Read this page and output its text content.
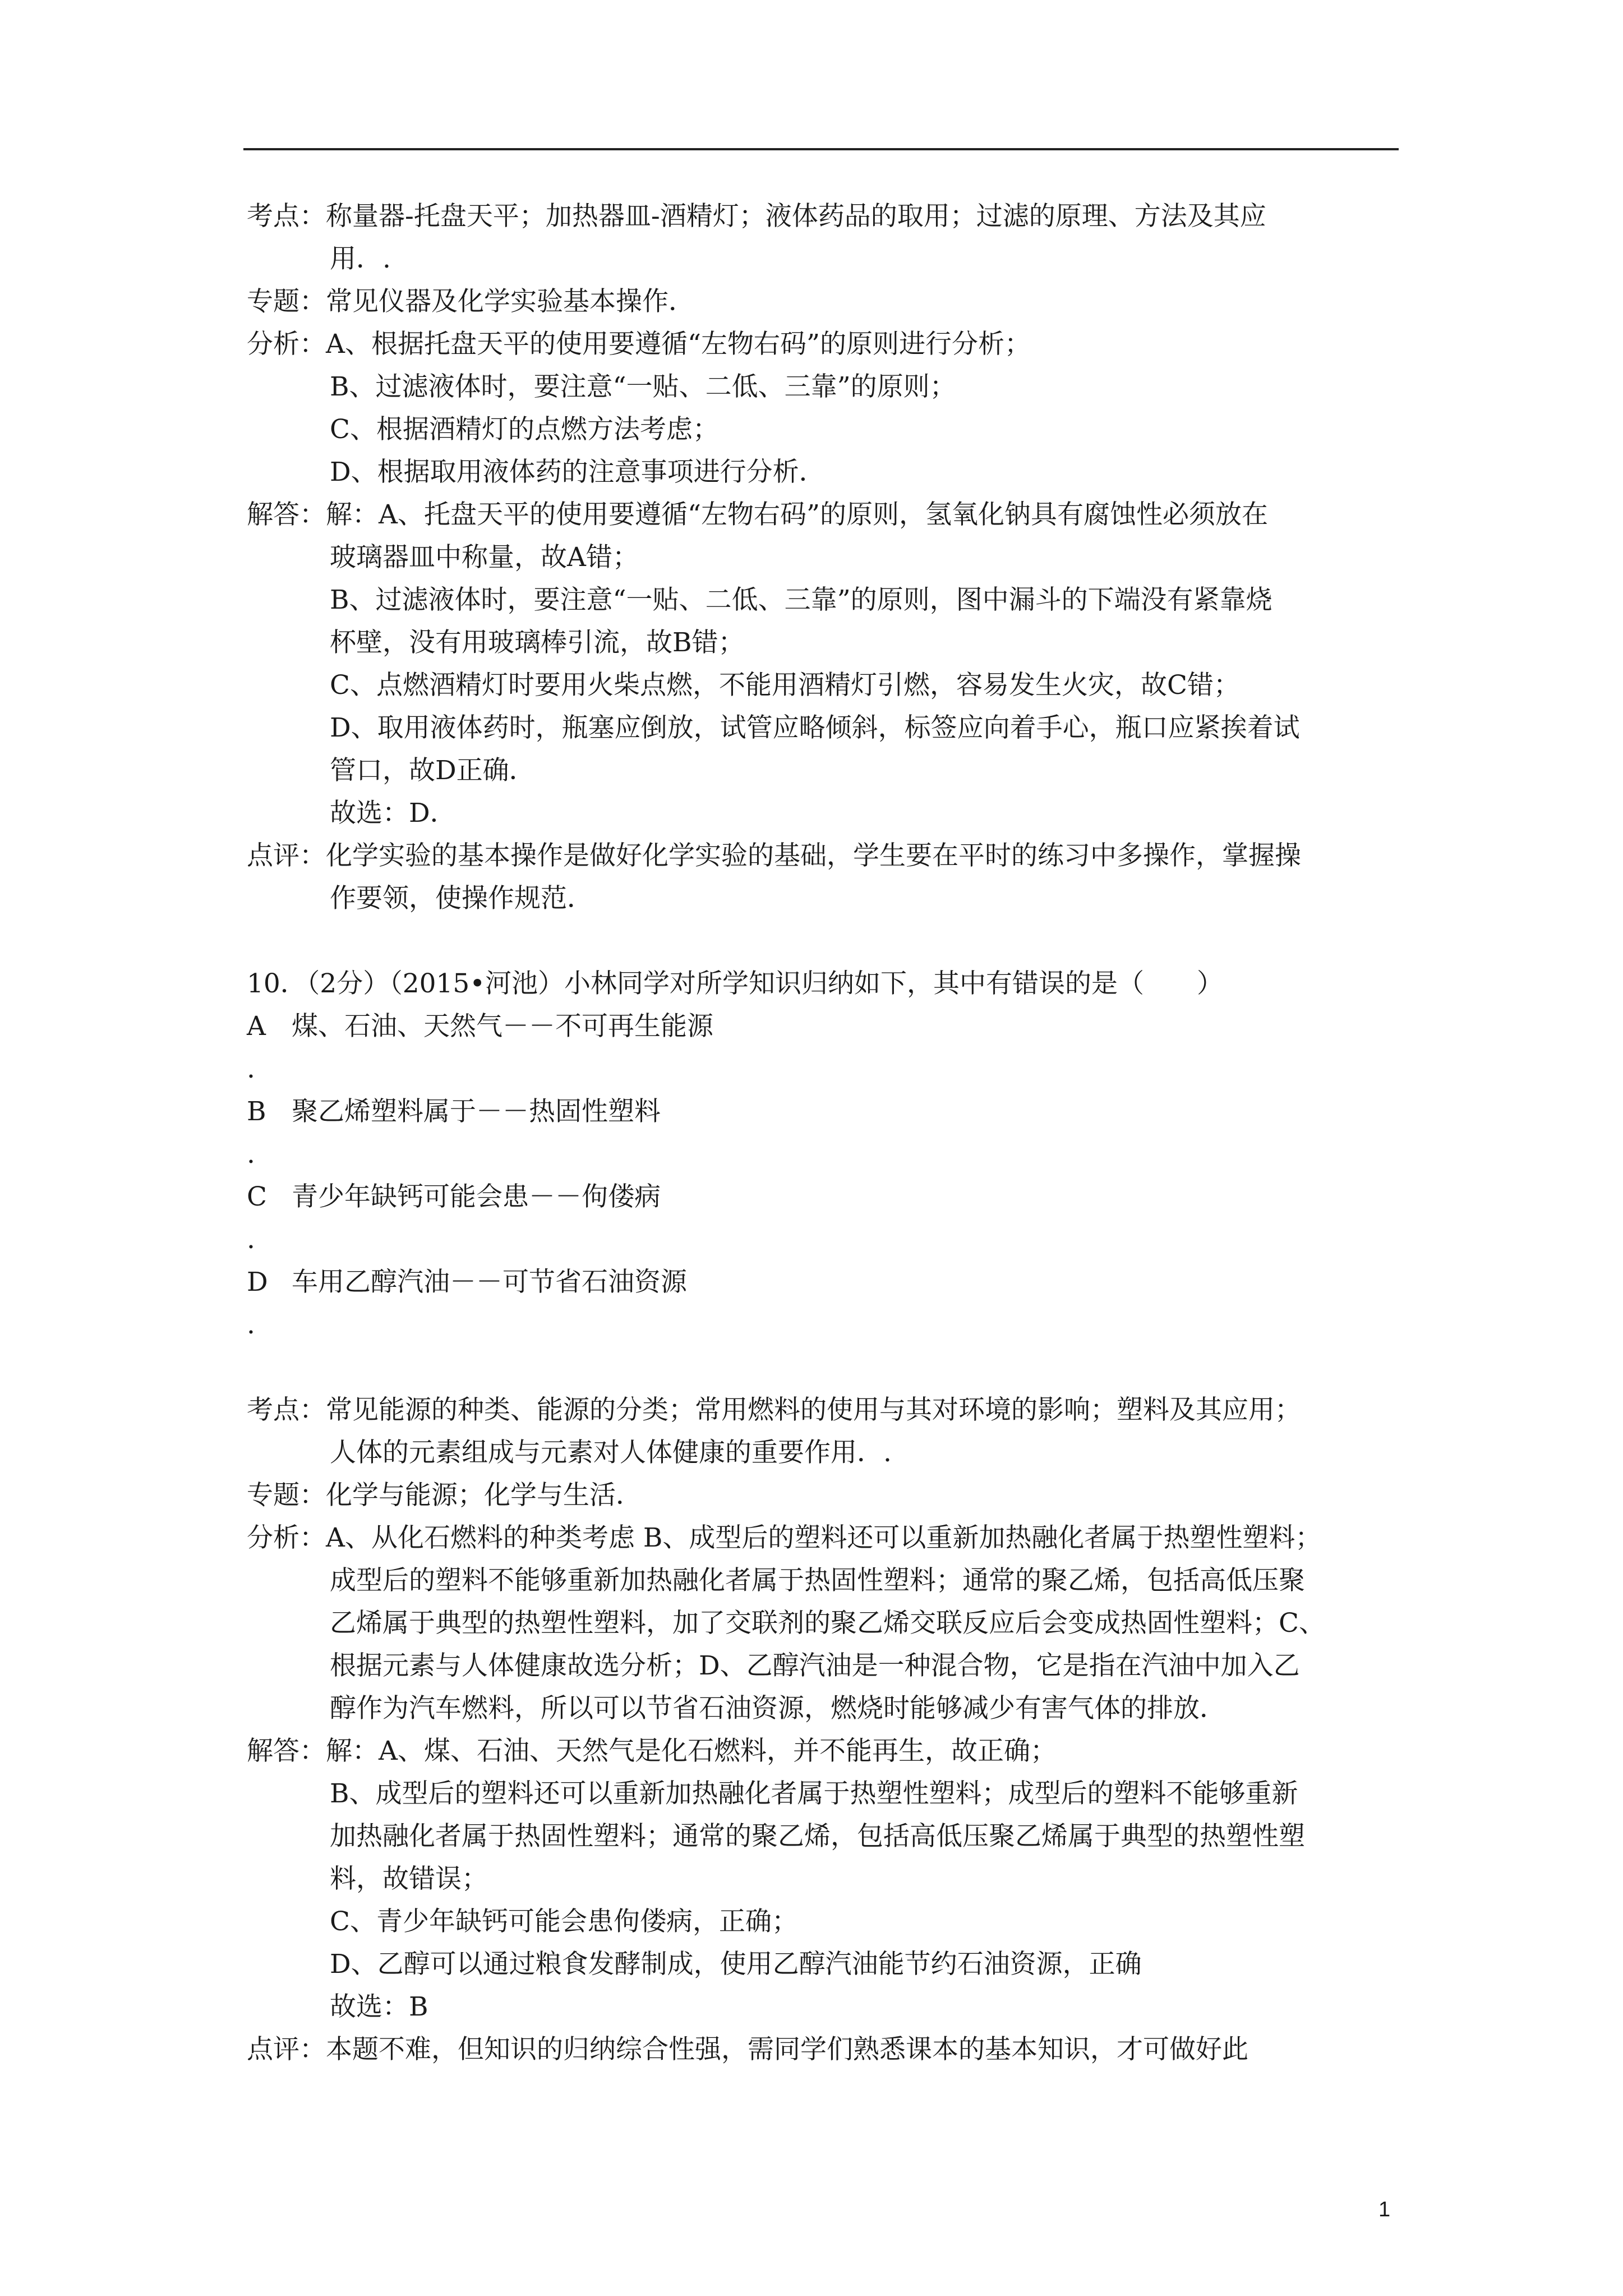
考点：称量器-托盘天平；加热器皿-酒精灯；液体药品的取用；过滤的原理、方法及其应
用．.
专题：常见仪器及化学实验基本操作．
分析：A、根据托盘天平的使用要遵循“左物右码”的原则进行分析；
B、过滤液体时，要注意“一贴、二低、三靠”的原则；
C、根据酒精灯的点燃方法考虑；
D、根据取用液体药的注意事项进行分析．
解答：解：A、托盘天平的使用要遵循“左物右码”的原则，氢氧化钠具有腐蚀性必须放在
玻璃器皿中称量，故A错；
B、过滤液体时，要注意“一贴、二低、三靠”的原则，图中漏斗的下端没有紧靠烧
杯壁，没有用玻璃棒引流，故B错；
C、点燃酒精灯时要用火柴点燃，不能用酒精灯引燃，容易发生火灾，故C错；
D、取用液体药时，瓶塞应倒放，试管应略倾斜，标签应向着手心，瓶口应紧挨着试
管口，故D正确．
故选：D．
点评：化学实验的基本操作是做好化学实验的基础，学生要在平时的练习中多操作，掌握操
作要领，使操作规范．
10．（2分）（2015•河池）小林同学对所学知识归纳如下，其中有错误的是（　　）
A 煤、石油、天然气－－不可再生能源
.
B 聚乙烯塑料属于－－热固性塑料
.
C 青少年缺钙可能会患－－佝偻病
.
D 车用乙醇汽油－－可节省石油资源
.
考点：常见能源的种类、能源的分类；常用燃料的使用与其对环境的影响；塑料及其应用；
人体的元素组成与元素对人体健康的重要作用．.
专题：化学与能源；化学与生活．
分析：A、从化石燃料的种类考虑 B、成型后的塑料还可以重新加热融化者属于热塑性塑料；
成型后的塑料不能够重新加热融化者属于热固性塑料；通常的聚乙烯，包括高低压聚
乙烯属于典型的热塑性塑料，加了交联剂的聚乙烯交联反应后会变成热固性塑料；C、
根据元素与人体健康故选分析；D、乙醇汽油是一种混合物，它是指在汽油中加入乙
醇作为汽车燃料，所以可以节省石油资源，燃烧时能够减少有害气体的排放．
解答：解：A、煤、石油、天然气是化石燃料，并不能再生，故正确；
B、成型后的塑料还可以重新加热融化者属于热塑性塑料；成型后的塑料不能够重新
加热融化者属于热固性塑料；通常的聚乙烯，包括高低压聚乙烯属于典型的热塑性塑
料，故错误；
C、青少年缺钙可能会患佝偻病，正确；
D、乙醇可以通过粮食发酵制成，使用乙醇汽油能节约石油资源，正确
故选：B
点评：本题不难，但知识的归纳综合性强，需同学们熟悉课本的基本知识，才可做好此
1
